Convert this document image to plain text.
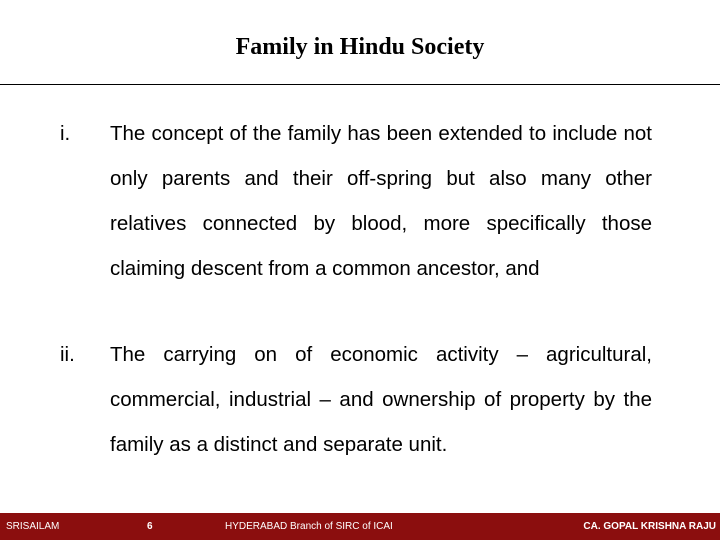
Family in Hindu Society
i. The concept of the family has been extended to include not only parents and their off-spring but also many other relatives connected by blood, more specifically those claiming descent from a common ancestor, and

ii. The carrying on of economic activity – agricultural, commercial, industrial – and ownership of property by the family as a distinct and separate unit.

SRISAILAM	6	HYDERABAD Branch of SIRC of ICAI	CA. GOPAL KRISHNA RAJU
